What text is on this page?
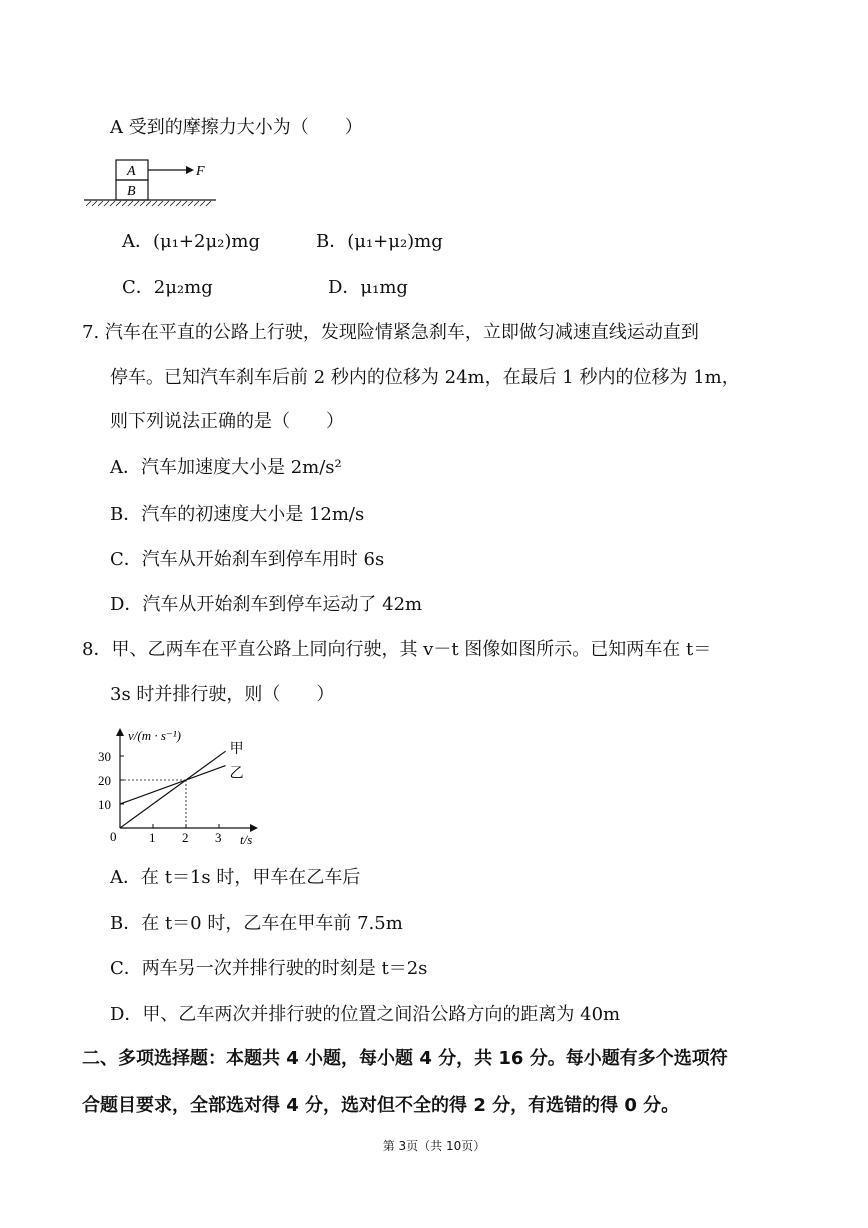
A 受到的摩擦力大小为（　　）
A
B
F
A．(μ₁+2μ₂)mg	B．(μ₁+μ₂)mg
C．2μ₂mg	D．μ₁mg
7. 汽车在平直的公路上行驶，发现险情紧急刹车，立即做匀减速直线运动直到
停车。已知汽车刹车后前 2 秒内的位移为 24m，在最后 1 秒内的位移为 1m，
则下列说法正确的是（　　）
A．汽车加速度大小是 2m/s²
B．汽车的初速度大小是 12m/s
C．汽车从开始刹车到停车用时 6s
D．汽车从开始刹车到停车运动了 42m
8．甲、乙两车在平直公路上同向行驶，其 v－t 图像如图所示。已知两车在 t＝
3s 时并排行驶，则（　　）
v/(m · s⁻¹)
t/s
0
10
20
30
1 2 3
甲
乙
A．在 t＝1s 时，甲车在乙车后
B．在 t＝0 时，乙车在甲车前 7.5m
C．两车另一次并排行驶的时刻是 t＝2s
D．甲、乙车两次并排行驶的位置之间沿公路方向的距离为 40m
二、多项选择题：本题共 4 小题，每小题 4 分，共 16 分。每小题有多个选项符
合题目要求，全部选对得 4 分，选对但不全的得 2 分，有选错的得 0 分。
第 3页（共 10页）
